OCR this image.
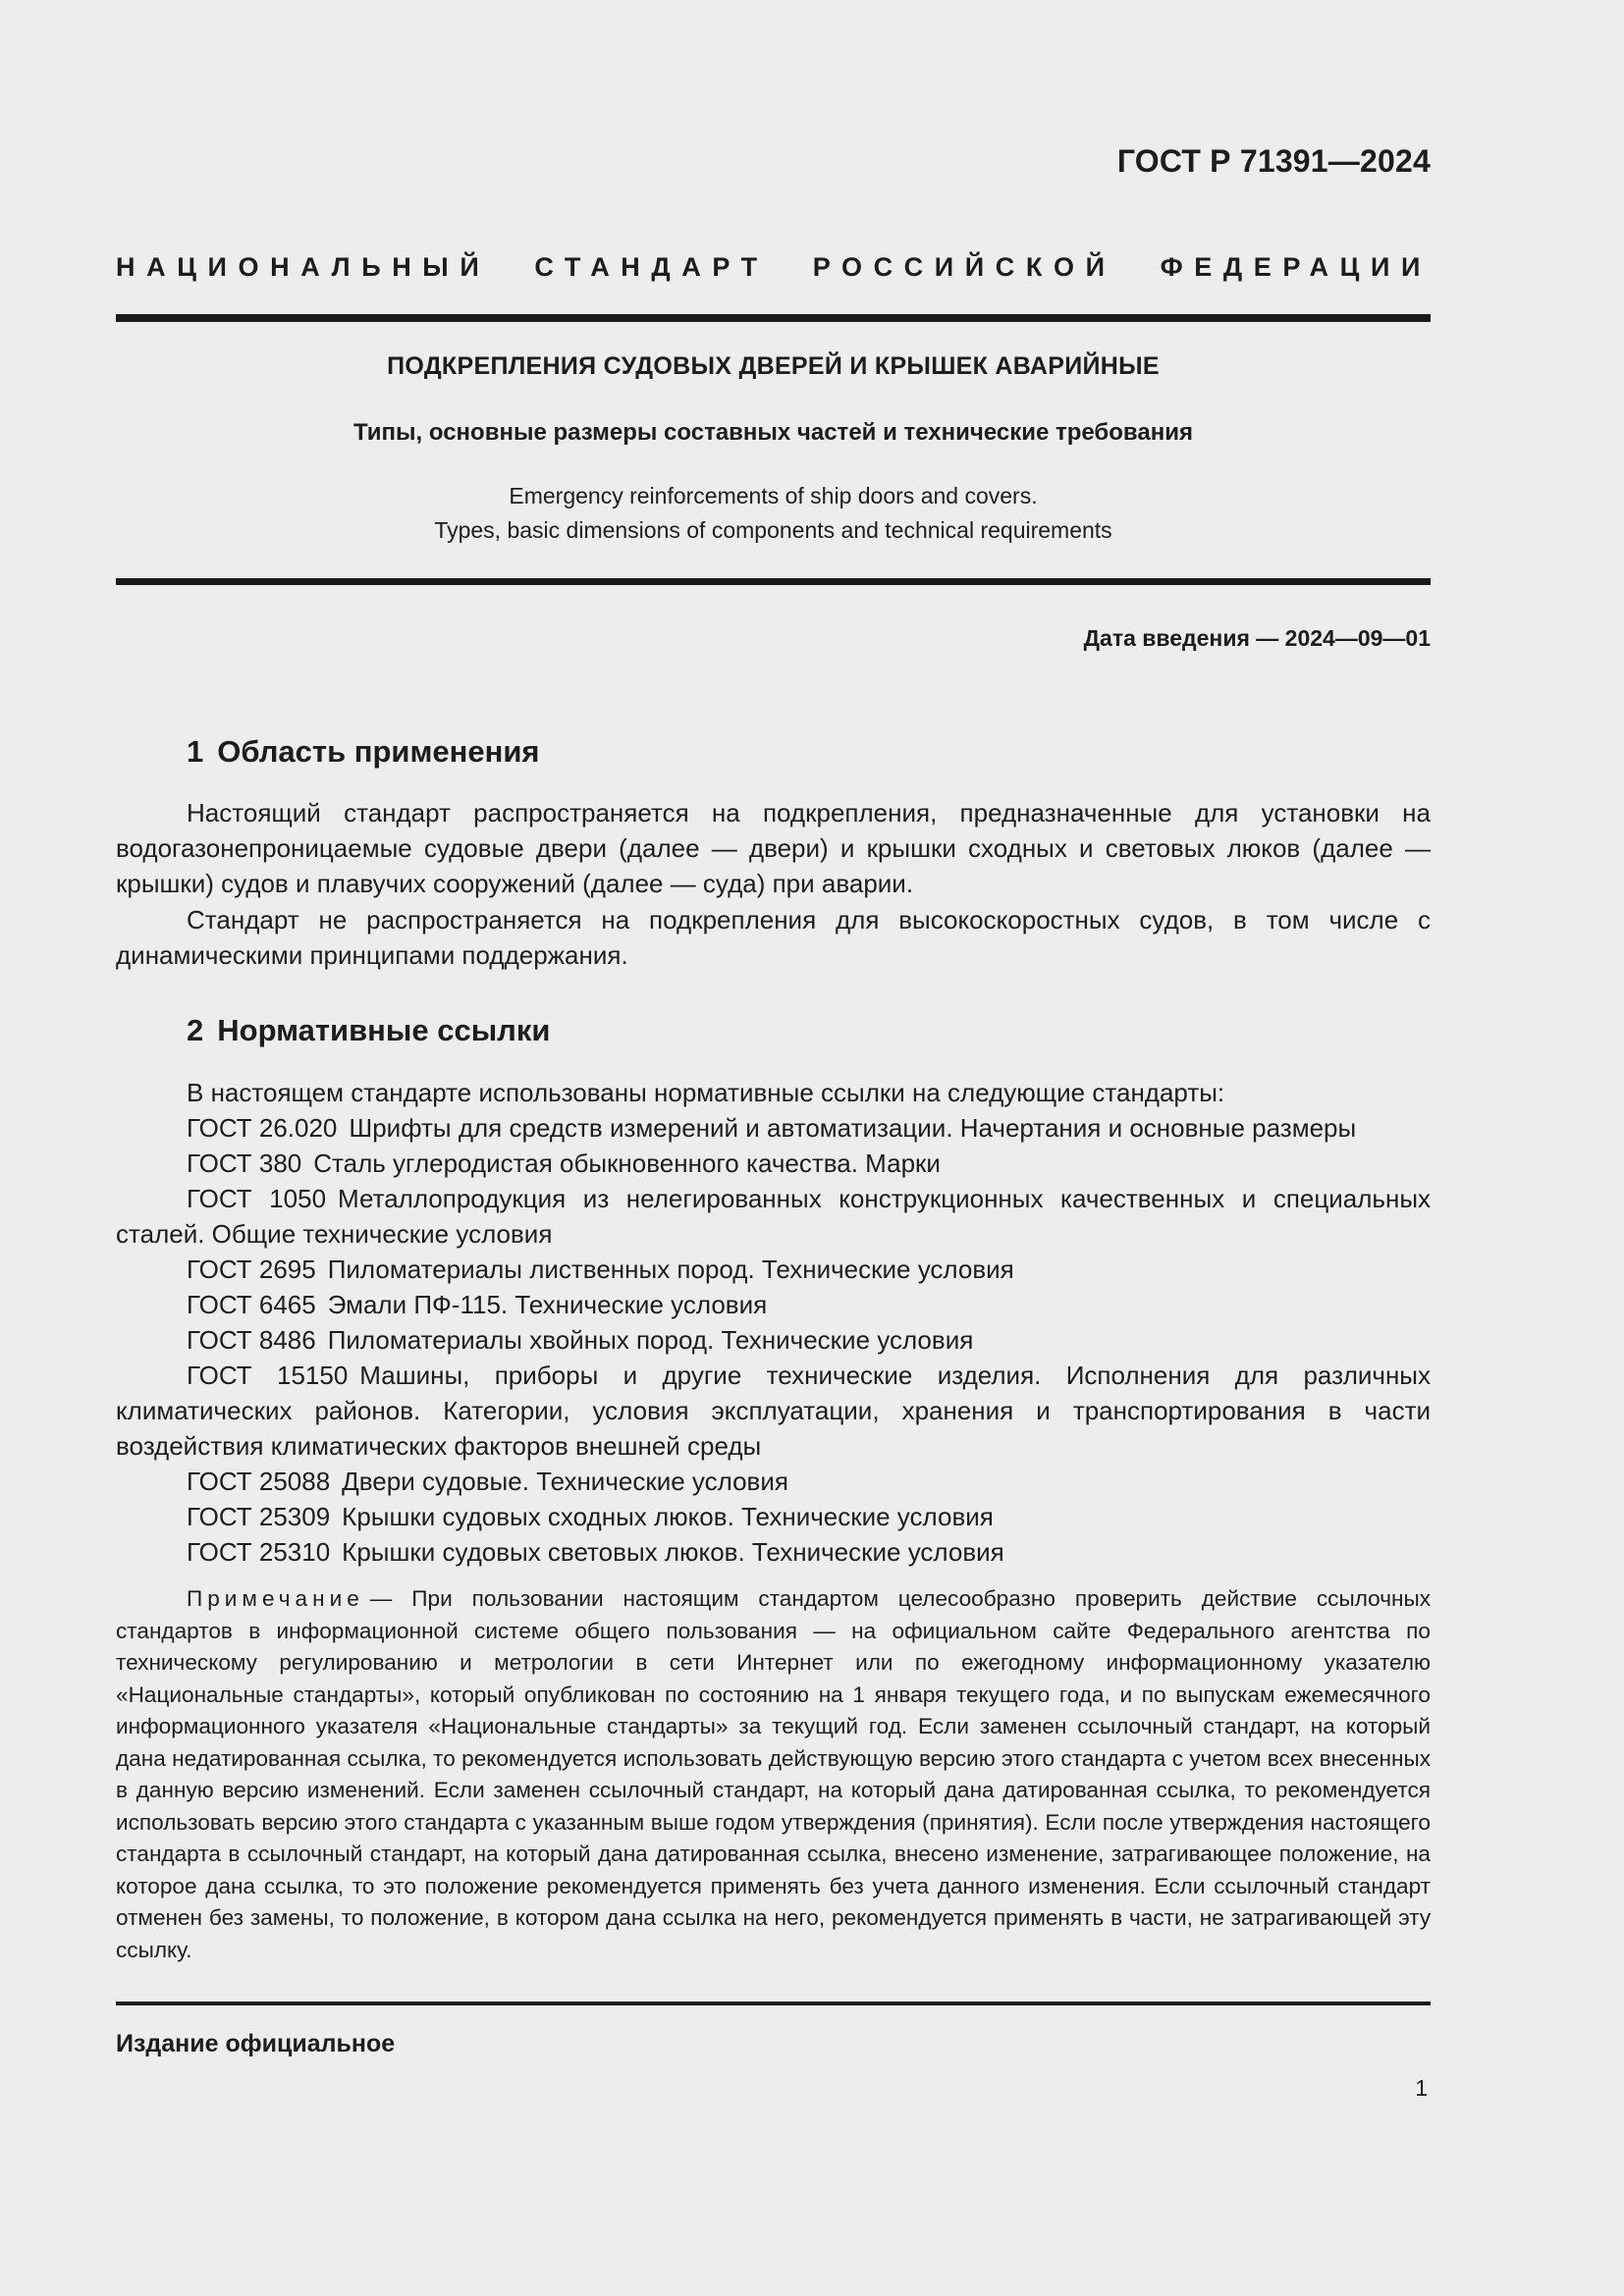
ГОСТ Р 71391—2024
НАЦИОНАЛЬНЫЙ СТАНДАРТ РОССИЙСКОЙ ФЕДЕРАЦИИ
ПОДКРЕПЛЕНИЯ СУДОВЫХ ДВЕРЕЙ И КРЫШЕК АВАРИЙНЫЕ
Типы, основные размеры составных частей и технические требования
Emergency reinforcements of ship doors and covers.
Types, basic dimensions of components and technical requirements
Дата введения — 2024—09—01
1 Область применения

Настоящий стандарт распространяется на подкрепления, предназначенные для установки на водогазонепроницаемые судовые двери (далее — двери) и крышки сходных и световых люков (далее — крышки) судов и плавучих сооружений (далее — суда) при аварии.

Стандарт не распространяется на подкрепления для высокоскоростных судов, в том числе с динамическими принципами поддержания.

2 Нормативные ссылки

В настоящем стандарте использованы нормативные ссылки на следующие стандарты:

ГОСТ 26.020 Шрифты для средств измерений и автоматизации. Начертания и основные размеры

ГОСТ 380 Сталь углеродистая обыкновенного качества. Марки

ГОСТ 1050 Металлопродукция из нелегированных конструкционных качественных и специальных сталей. Общие технические условия

ГОСТ 2695 Пиломатериалы лиственных пород. Технические условия

ГОСТ 6465 Эмали ПФ-115. Технические условия

ГОСТ 8486 Пиломатериалы хвойных пород. Технические условия

ГОСТ 15150 Машины, приборы и другие технические изделия. Исполнения для различных климатических районов. Категории, условия эксплуатации, хранения и транспортирования в части воздействия климатических факторов внешней среды

ГОСТ 25088 Двери судовые. Технические условия

ГОСТ 25309 Крышки судовых сходных люков. Технические условия

ГОСТ 25310 Крышки судовых световых люков. Технические условия

Примечание — При пользовании настоящим стандартом целесообразно проверить действие ссылочных стандартов в информационной системе общего пользования — на официальном сайте Федерального агентства по техническому регулированию и метрологии в сети Интернет или по ежегодному информационному указателю «Национальные стандарты», который опубликован по состоянию на 1 января текущего года, и по выпускам ежемесячного информационного указателя «Национальные стандарты» за текущий год. Если заменен ссылочный стандарт, на который дана недатированная ссылка, то рекомендуется использовать действующую версию этого стандарта с учетом всех внесенных в данную версию изменений. Если заменен ссылочный стандарт, на который дана датированная ссылка, то рекомендуется использовать версию этого стандарта с указанным выше годом утверждения (принятия). Если после утверждения настоящего стандарта в ссылочный стандарт, на который дана датированная ссылка, внесено изменение, затрагивающее положение, на которое дана ссылка, то это положение рекомендуется применять без учета данного изменения. Если ссылочный стандарт отменен без замены, то положение, в котором дана ссылка на него, рекомендуется применять в части, не затрагивающей эту ссылку.

Издание официальное
1
